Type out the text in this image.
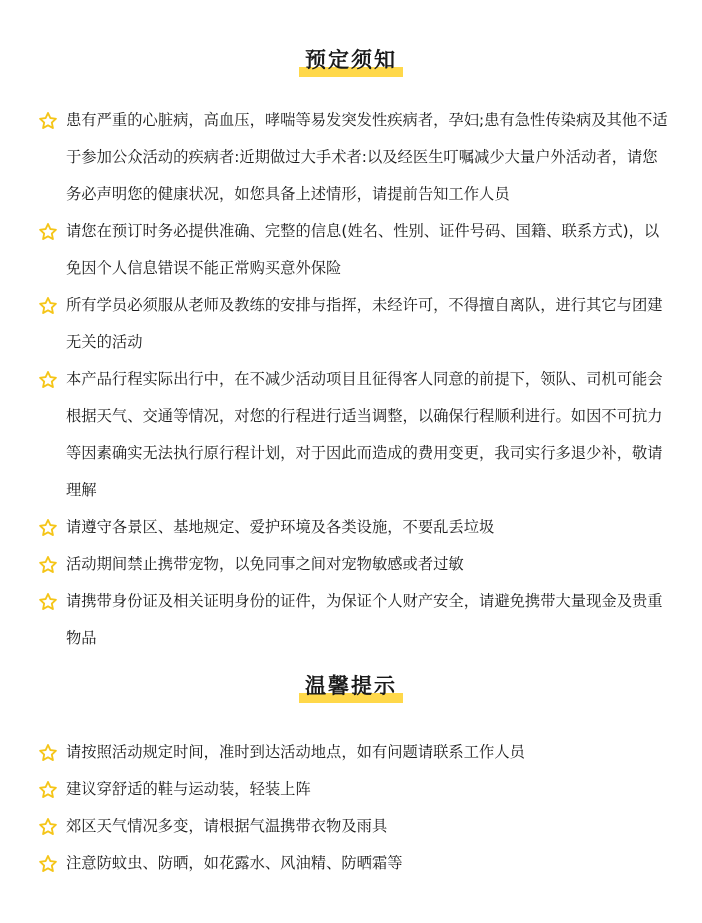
预定须知
患有严重的心脏病，高血压，哮喘等易发突发性疾病者，孕妇;患有急性传染病及其他不适于参加公众活动的疾病者:近期做过大手术者:以及经医生叮嘱减少大量户外活动者，请您务必声明您的健康状况，如您具备上述情形，请提前告知工作人员
请您在预订时务必提供准确、完整的信息(姓名、性别、证件号码、国籍、联系方式)，以免因个人信息错误不能正常购买意外保险
所有学员必须服从老师及教练的安排与指挥，未经许可，不得擅自离队，进行其它与团建无关的活动
本产品行程实际出行中，在不减少活动项目且征得客人同意的前提下，领队、司机可能会根据天气、交通等情况，对您的行程进行适当调整，以确保行程顺利进行。如因不可抗力等因素确实无法执行原行程计划，对于因此而造成的费用变更，我司实行多退少补，敬请理解
请遵守各景区、基地规定、爱护环境及各类设施，不要乱丢垃圾
活动期间禁止携带宠物，以免同事之间对宠物敏感或者过敏
请携带身份证及相关证明身份的证件，为保证个人财产安全，请避免携带大量现金及贵重物品
温馨提示
请按照活动规定时间，准时到达活动地点，如有问题请联系工作人员
建议穿舒适的鞋与运动装，轻装上阵
郊区天气情况多变，请根据气温携带衣物及雨具
注意防蚊虫、防晒，如花露水、风油精、防晒霜等
